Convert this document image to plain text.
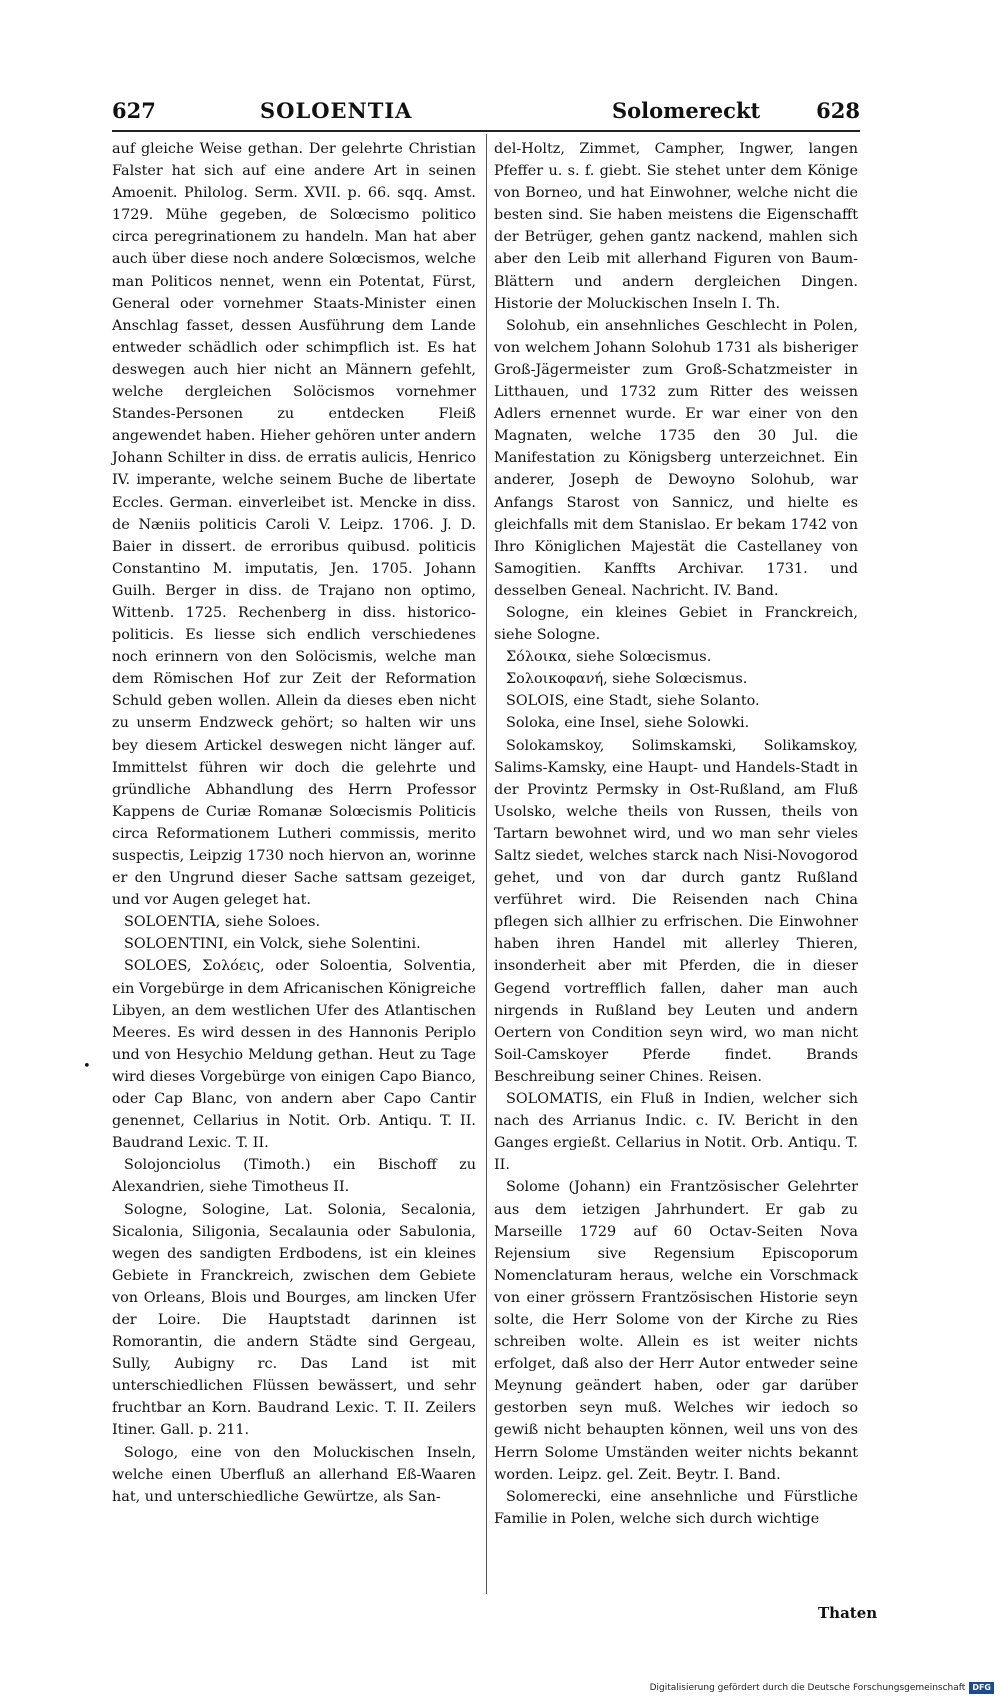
627	SOLOENTIA	Solomereckt	628
•

auf gleiche Weise gethan. Der gelehrte Christian Falster hat sich auf eine andere Art in seinen Amoenit. Philolog. Serm. XVII. p. 66. sqq. Amst. 1729. Mühe gegeben, de Solœcismo politico circa peregrinationem zu handeln. Man hat aber auch über diese noch andere Solœcismos, welche man Politicos nennet, wenn ein Potentat, Fürst, General oder vornehmer Staats-Minister einen Anschlag fasset, dessen Ausführung dem Lande entweder schädlich oder schimpflich ist. Es hat deswegen auch hier nicht an Männern gefehlt, welche dergleichen Solöcismos vornehmer Standes-Personen zu entdecken Fleiß angewendet haben. Hieher gehören unter andern Johann Schilter in diss. de erratis aulicis, Henrico IV. imperante, welche seinem Buche de libertate Eccles. German. einverleibet ist. Mencke in diss. de Næniis politicis Caroli V. Leipz. 1706. J. D. Baier in dissert. de erroribus quibusd. politicis Constantino M. imputatis, Jen. 1705. Johann Guilh. Berger in diss. de Trajano non optimo, Wittenb. 1725. Rechenberg in diss. historico-politicis. Es liesse sich endlich verschiedenes noch erinnern von den Solöcismis, welche man dem Römischen Hof zur Zeit der Reformation Schuld geben wollen. Allein da dieses eben nicht zu unserm Endzweck gehört; so halten wir uns bey diesem Artickel deswegen nicht länger auf. Immittelst führen wir doch die gelehrte und gründliche Abhandlung des Herrn Professor Kappens de Curiæ Romanæ Solœcismis Politicis circa Reformationem Lutheri commissis, merito suspectis, Leipzig 1730 noch hiervon an, worinne er den Ungrund dieser Sache sattsam gezeiget, und vor Augen geleget hat.

SOLOENTIA, siehe Soloes.

SOLOENTINI, ein Volck, siehe Solentini.

SOLOES, Σολόεις, oder Soloentia, Solventia, ein Vorgebürge in dem Africanischen Königreiche Libyen, an dem westlichen Ufer des Atlantischen Meeres. Es wird dessen in des Hannonis Periplo und von Hesychio Meldung gethan. Heut zu Tage wird dieses Vorgebürge von einigen Capo Bianco, oder Cap Blanc, von andern aber Capo Cantir genennet, Cellarius in Notit. Orb. Antiqu. T. II. Baudrand Lexic. T. II.

Solojonciolus (Timoth.) ein Bischoff zu Alexandrien, siehe Timotheus II.

Sologne, Sologine, Lat. Solonia, Secalonia, Sicalonia, Siligonia, Secalaunia oder Sabulonia, wegen des sandigten Erdbodens, ist ein kleines Gebiete in Franckreich, zwischen dem Gebiete von Orleans, Blois und Bourges, am lincken Ufer der Loire. Die Hauptstadt darinnen ist Romorantin, die andern Städte sind Gergeau, Sully, Aubigny rc. Das Land ist mit unterschiedlichen Flüssen bewässert, und sehr fruchtbar an Korn. Baudrand Lexic. T. II. Zeilers Itiner. Gall. p. 211.

Sologo, eine von den Moluckischen Inseln, welche einen Uberfluß an allerhand Eß-Waaren hat, und unterschiedliche Gewürtze, als San-

del-Holtz, Zimmet, Campher, Ingwer, langen Pfeffer u. s. f. giebt. Sie stehet unter dem Könige von Borneo, und hat Einwohner, welche nicht die besten sind. Sie haben meistens die Eigenschafft der Betrüger, gehen gantz nackend, mahlen sich aber den Leib mit allerhand Figuren von Baum-Blättern und andern dergleichen Dingen. Historie der Moluckischen Inseln I. Th.

Solohub, ein ansehnliches Geschlecht in Polen, von welchem Johann Solohub 1731 als bisheriger Groß-Jägermeister zum Groß-Schatzmeister in Litthauen, und 1732 zum Ritter des weissen Adlers ernennet wurde. Er war einer von den Magnaten, welche 1735 den 30 Jul. die Manifestation zu Königsberg unterzeichnet. Ein anderer, Joseph de Dewoyno Solohub, war Anfangs Starost von Sannicz, und hielte es gleichfalls mit dem Stanislao. Er bekam 1742 von Ihro Königlichen Majestät die Castellaney von Samogitien. Kanffts Archivar. 1731. und desselben Geneal. Nachricht. IV. Band.

Sologne, ein kleines Gebiet in Franckreich, siehe Sologne.

Σόλοικα, siehe Solœcismus.

Σολοικοφανή, siehe Solœcismus.

SOLOIS, eine Stadt, siehe Solanto.

Soloka, eine Insel, siehe Solowki.

Solokamskoy, Solimskamski, Solikamskoy, Salims-Kamsky, eine Haupt- und Handels-Stadt in der Provintz Permsky in Ost-Rußland, am Fluß Usolsko, welche theils von Russen, theils von Tartarn bewohnet wird, und wo man sehr vieles Saltz siedet, welches starck nach Nisi-Novogorod gehet, und von dar durch gantz Rußland verführet wird. Die Reisenden nach China pflegen sich allhier zu erfrischen. Die Einwohner haben ihren Handel mit allerley Thieren, insonderheit aber mit Pferden, die in dieser Gegend vortrefflich fallen, daher man auch nirgends in Rußland bey Leuten und andern Oertern von Condition seyn wird, wo man nicht Soil-Camskoyer Pferde findet. Brands Beschreibung seiner Chines. Reisen.

SOLOMATIS, ein Fluß in Indien, welcher sich nach des Arrianus Indic. c. IV. Bericht in den Ganges ergießt. Cellarius in Notit. Orb. Antiqu. T. II.

Solome (Johann) ein Frantzösischer Gelehrter aus dem ietzigen Jahrhundert. Er gab zu Marseille 1729 auf 60 Octav-Seiten Nova Rejensium sive Regensium Episcoporum Nomenclaturam heraus, welche ein Vorschmack von einer grössern Frantzösischen Historie seyn solte, die Herr Solome von der Kirche zu Ries schreiben wolte. Allein es ist weiter nichts erfolget, daß also der Herr Autor entweder seine Meynung geändert haben, oder gar darüber gestorben seyn muß. Welches wir iedoch so gewiß nicht behaupten können, weil uns von des Herrn Solome Umständen weiter nichts bekannt worden. Leipz. gel. Zeit. Beytr. I. Band.

Solomerecki, eine ansehnliche und Fürstliche Familie in Polen, welche sich durch wichtige

Thaten
Digitalisierung gefördert durch die Deutsche Forschungsgemeinschaft DFG
